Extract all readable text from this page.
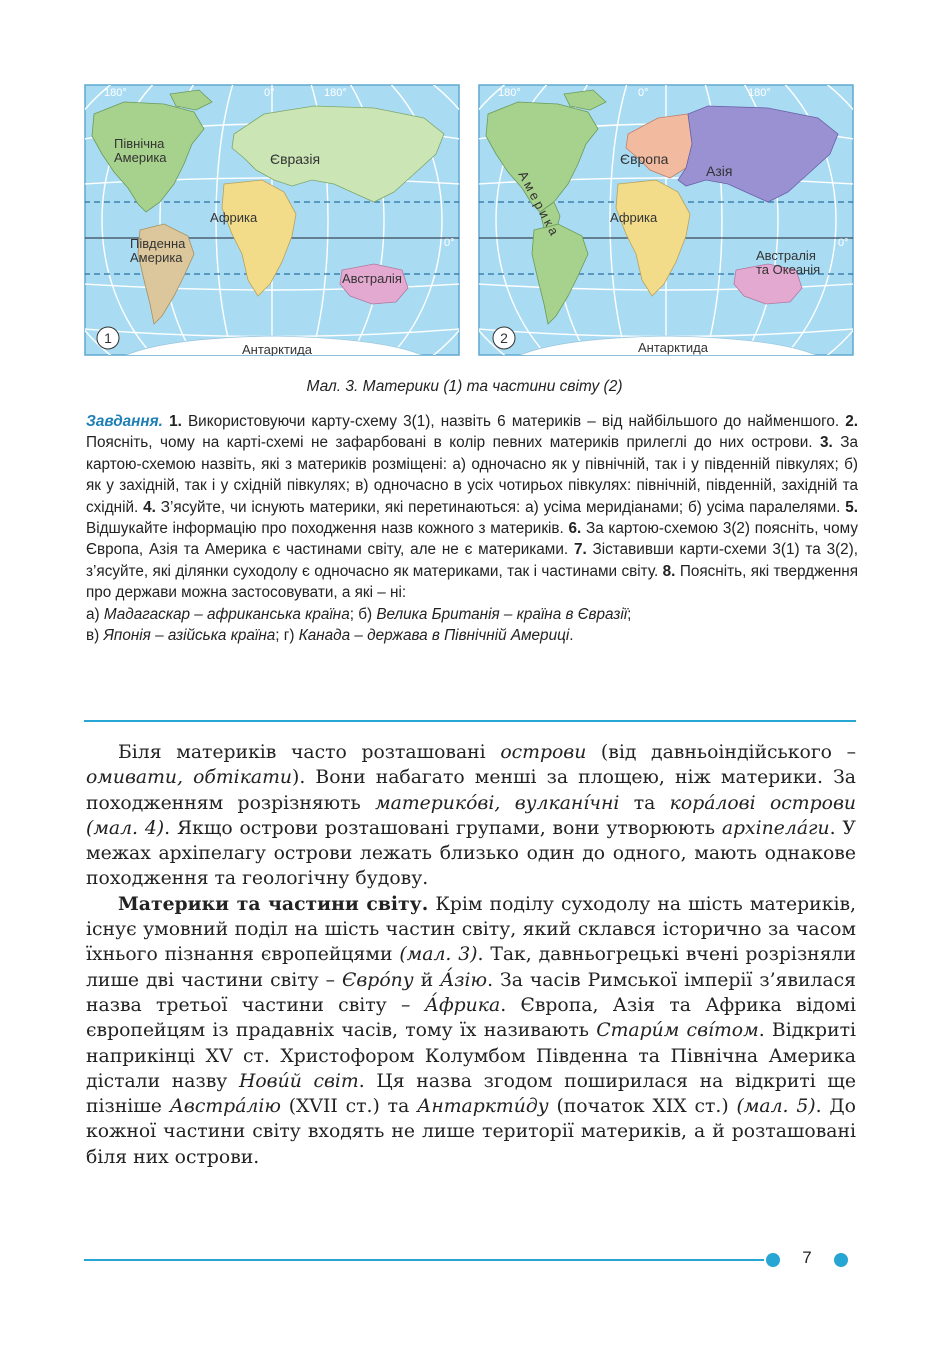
180°	0°	180°
0°
Північна
Америка	Євразія
Африка
Південна
Америка
Австралія
Антарктида
1
180°	0°	180°
0°
Америка
Європа
Азія
Африка
Австралія
та Океанія
Антарктида
2
Мал. 3. Материки (1) та частини світу (2)
Завдання. 1. Використовуючи карту-схему 3(1), назвіть 6 материків – від найбільшого до найменшого. 2. Поясніть, чому на карті-схемі не зафарбовані в колір певних материків прилеглі до них острови. 3. За картою-схемою назвіть, які з материків розміщені: а) одночасно як у північній, так і у південній півкулях; б) як у західній, так і у східній півкулях; в) одночасно в усіх чотирьох півкулях: північній, південній, західній та східній. 4. З’ясуйте, чи існують материки, які перетинаються: а) усіма меридіанами; б) усіма паралелями. 5. Відшукайте інформацію про походження назв кожного з материків. 6. За картою-схемою 3(2) поясніть, чому Європа, Азія та Америка є частинами світу, але не є материками. 7. Зіставивши карти-схеми 3(1) та 3(2), з’ясуйте, які ділянки суходолу є одночасно як материками, так і частинами світу. 8. Поясніть, які твердження про держави можна застосовувати, а які – ні:
а) Мадагаскар – африканська країна; б) Велика Британія – країна в Євразії;
в) Японія – азійська країна; г) Канада – держава в Північній Америці.

Біля материків часто розташовані острови (від давньоіндійського – омивати, обтікати). Вони набагато менші за площею, ніж материки. За походженням розрізняють материко́ві, вулкані́чні та кора́лові острови (мал. 4). Якщо острови розташовані групами, вони утворюють архіпела́ги. У межах архіпелагу острови лежать близько один до одного, мають однакове походження та геологічну будову.

Материки та частини світу. Крім поділу суходолу на шість материків, існує умовний поділ на шість частин світу, який склався історично за часом їхнього пізнання європейцями (мал. 3). Так, давньогрецькі вчені розрізняли лише дві частини світу – Євро́пу й А́зію. За часів Римської імперії з’явилася назва третьої частини світу – А́фрика. Європа, Азія та Африка відомі європейцям із прадавніх часів, тому їх називають Стари́м сві́том. Відкриті наприкінці XV ст. Христофором Колумбом Південна та Північна Америка дістали назву Нови́й світ. Ця назва згодом поширилася на відкриті ще пізніше Австра́лію (XVII ст.) та Антаркти́ду (початок XIX ст.) (мал. 5). До кожної частини світу входять не лише території материків, а й розташовані біля них острови.

7
